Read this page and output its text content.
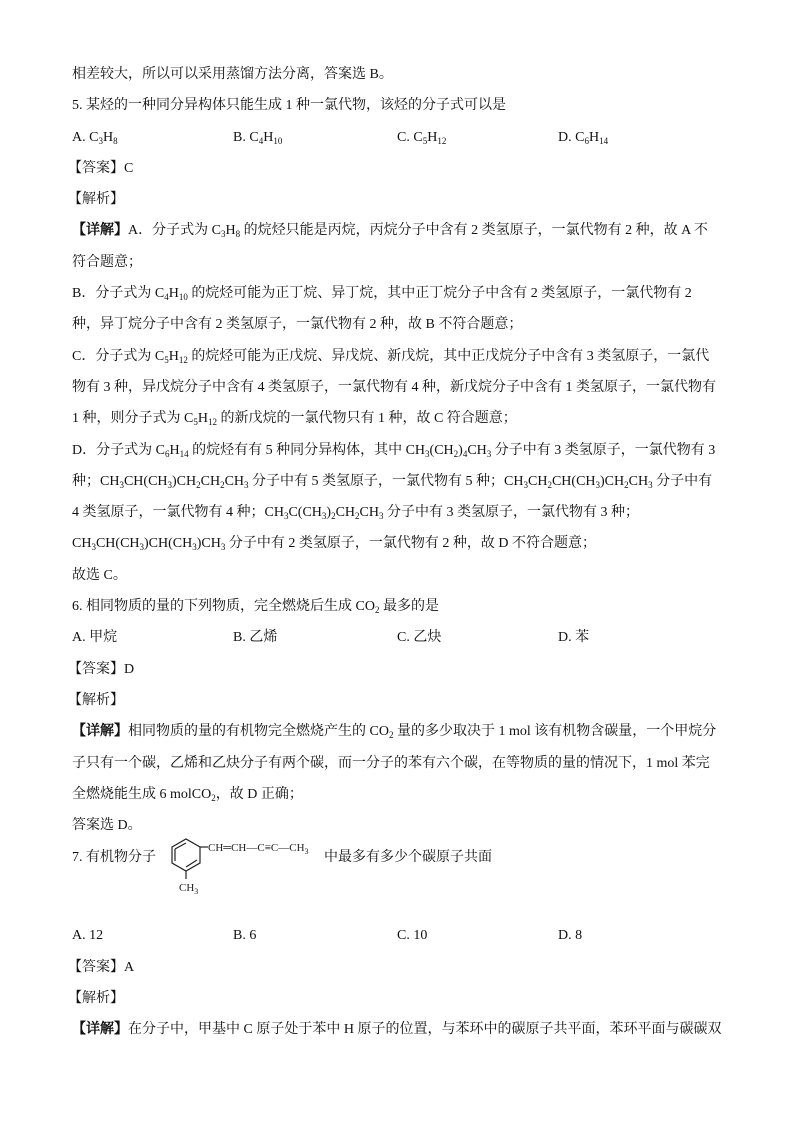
相差较大，所以可以采用蒸馏方法分离，答案选 B。
5. 某烃的一种同分异构体只能生成 1 种一氯代物，该烃的分子式可以是
A. $C_3H_8$	B. $C_4H_{10}$	C. $C_5H_{12}$	D. $C_6H_{14}$
【答案】C
【解析】
【详解】A．分子式为 $C_3H_8$ 的烷烃只能是丙烷，丙烷分子中含有 2 类氢原子，一氯代物有 2 种，故 A 不
符合题意；
B．分子式为 $C_4H_{10}$ 的烷烃可能为正丁烷、异丁烷，其中正丁烷分子中含有 2 类氢原子，一氯代物有 2
种，异丁烷分子中含有 2 类氢原子，一氯代物有 2 种，故 B 不符合题意；
C．分子式为 $C_5H_{12}$ 的烷烃可能为正戊烷、异戊烷、新戊烷，其中正戊烷分子中含有 3 类氢原子，一氯代
物有 3 种，异戊烷分子中含有 4 类氢原子，一氯代物有 4 种，新戊烷分子中含有 1 类氢原子，一氯代物有
1 种，则分子式为 $C_5H_{12}$ 的新戊烷的一氯代物只有 1 种，故 C 符合题意；
D．分子式为 $C_6H_{14}$ 的烷烃有有 5 种同分异构体，其中 $CH_3(CH_2)_4CH_3$ 分子中有 3 类氢原子，一氯代物有 3
种；$CH_3CH(CH_3)CH_2CH_2CH_3$ 分子中有 5 类氢原子，一氯代物有 5 种；$CH_3CH_2CH(CH_3)CH_2CH_3$ 分子中有
4 类氢原子，一氯代物有 4 种；$CH_3C(CH_3)_2CH_2CH_3$ 分子中有 3 类氢原子，一氯代物有 3 种；
$CH_3CH(CH_3)CH(CH_3)CH_3$ 分子中有 2 类氢原子，一氯代物有 2 种，故 D 不符合题意；
故选 C。
6. 相同物质的量的下列物质，完全燃烧后生成 $CO_2$ 最多的是
A. 甲烷	B. 乙烯	C. 乙炔	D. 苯
【答案】D
【解析】
【详解】相同物质的量的有机物完全燃烧产生的 $CO_2$ 量的多少取决于 1 mol 该有机物含碳量，一个甲烷分
子只有一个碳，乙烯和乙炔分子有两个碳，而一分子的苯有六个碳，在等物质的量的情况下，1 mol 苯完
全燃烧能生成 6 molCO$_2$，故 D 正确；
答案选 D。
7. 有机物分子
$CH═CH—C\equiv C—CH_3$
$CH_3$
中最多有多少个碳原子共面
A. 12	B. 6	C. 10	D. 8
【答案】A
【解析】
【详解】在分子中，甲基中 C 原子处于苯中 H 原子的位置，与苯环中的碳原子共平面，苯环平面与碳碳双
